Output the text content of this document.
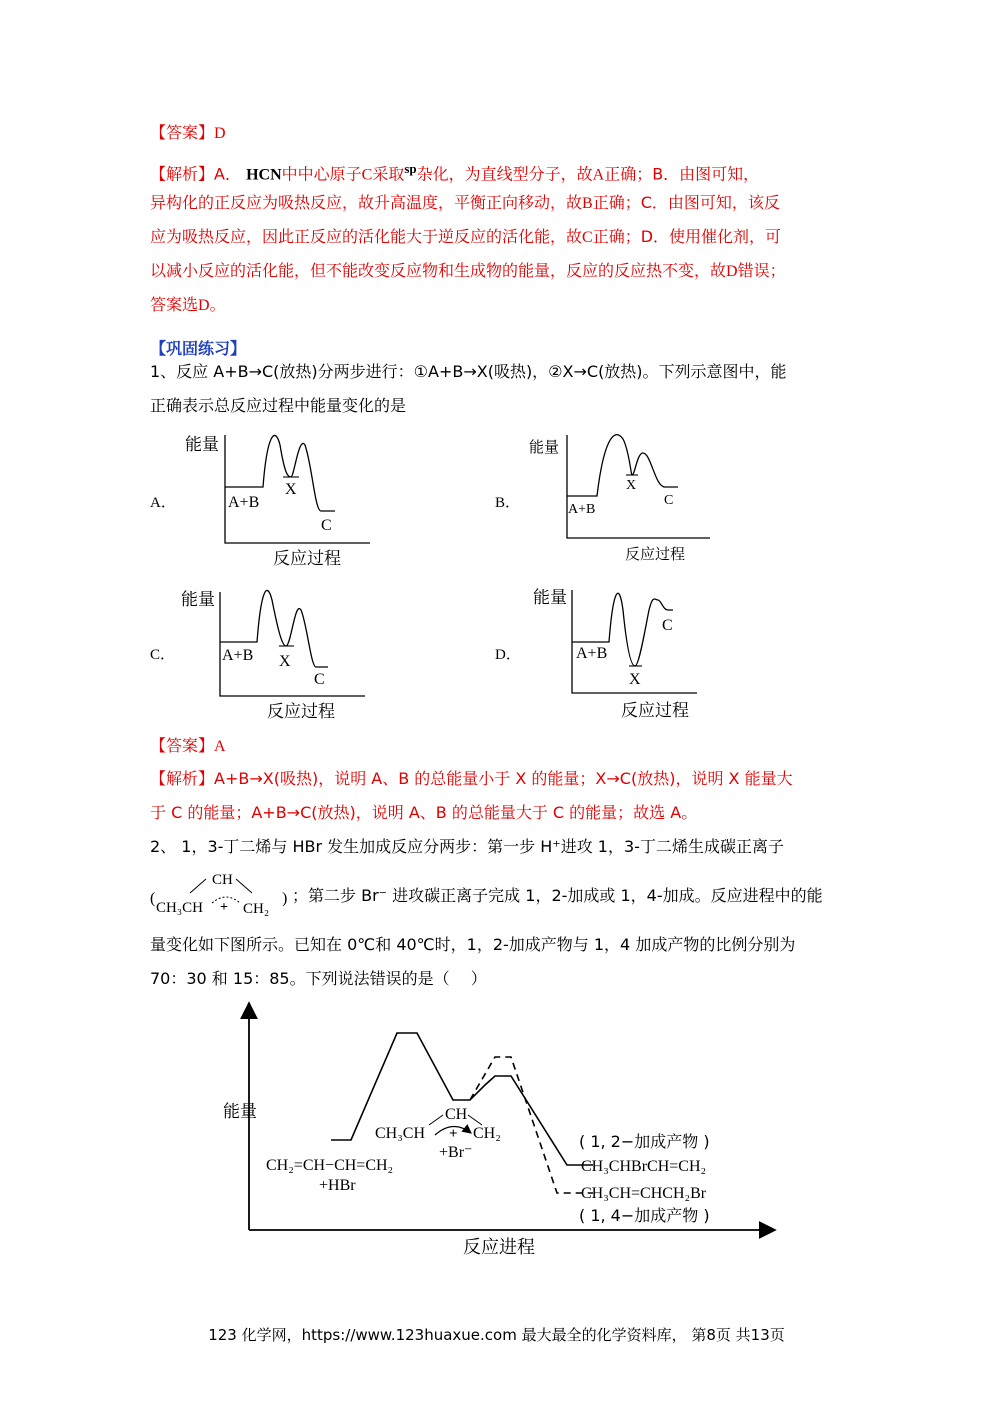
【答案】D
【解析】A． HCN中中心原子C采取$^{sp}$杂化，为直线型分子，故A正确；B．由图可知，
异构化的正反应为吸热反应，故升高温度，平衡正向移动，故B正确；C．由图可知，该反
应为吸热反应，因此正反应的活化能大于逆反应的活化能，故C正确；D．使用催化剂，可
以减小反应的活化能，但不能改变反应物和生成物的能量，反应的反应热不变，故D错误；
答案选D。
【巩固练习】
1、反应 A+B→C(放热)分两步进行：①A+B→X(吸热)，②X→C(放热)。下列示意图中，能
正确表示总反应过程中能量变化的是
A．	B．
C．	D．
能量
A+B
X
C
反应过程
能量
A+B
X
C
反应过程
能量
A+B X
C
反应过程
能量
A+B
X
C
反应过程
【答案】A
【解析】A+B→X(吸热)，说明 A、B 的总能量小于 X 的能量；X→C(放热)，说明 X 能量大
于 C 的能量；A+B→C(放热)，说明 A、B 的总能量大于 C 的能量；故选 A。
2、 1，3-丁二烯与 HBr 发生加成反应分两步：第一步 H⁺进攻 1，3-丁二烯生成碳正离子
(
CH
CH₃CH + CH₂
) ；第二步 Br⁻ 进攻碳正离子完成 1，2-加成或 1，4-加成。反应进程中的能
量变化如下图所示。已知在 0℃和 40℃时，1，2-加成产物与 1，4 加成产物的比例分别为
70：30 和 15：85。下列说法错误的是（　 ）
能量
反应进程
CH₂=CH−CH=CH₂
+HBr
CH
CH₃CH + CH₂
+Br⁻
( 1, 2−加成产物 )
CH₃CHBrCH=CH₂
CH₃CH=CHCH₂Br
( 1, 4−加成产物 )
123 化学网，https://www.123huaxue.com 最大最全的化学资料库， 第8页 共13页
